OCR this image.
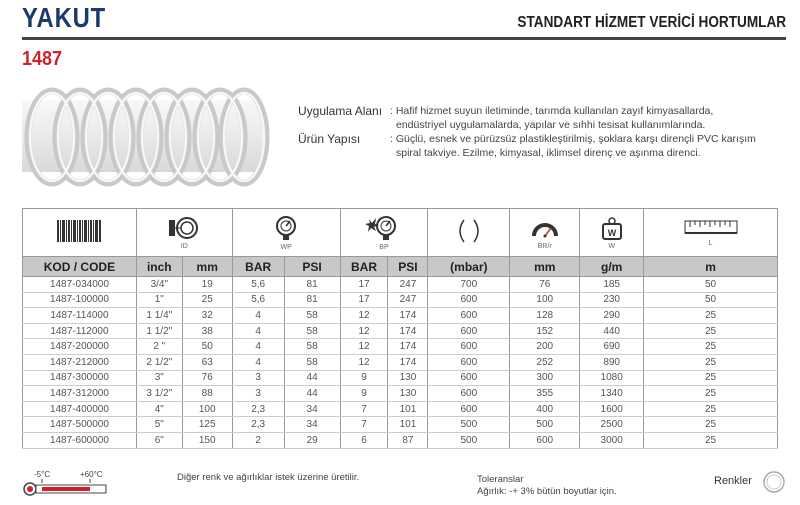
YAKUT	STANDART HİZMET VERİCİ HORTUMLAR
1487
Uygulama Alanı : Hafif hizmet suyun iletiminde, tarımda kullanılan zayıf kimyasallarda,
endüstriyel uygulamalarda, yapılar ve sıhhi tesisat kullanımlarında.
Ürün Yapısı	: Güçlü, esnek ve pürüzsüz plastikleştirilmiş, şoklara karşı dirençli PVC karışım
spiral takviye. Ezilme, kimyasal, iklimsel direnç ve aşınma direnci.

ID		WP		BP			BR/r	W
W	L

KOD / CODE	inch	mm	BAR	PSI	BAR	PSI	(mbar)	mm	g/m	m
1487-034000	3/4"	19	5,6	81	17	247	700	76	185	50
1487-100000	1"	25	5,6	81	17	247	600	100	230	50
1487-114000	1 1/4"	32	4	58	12	174	600	128	290	25
1487-112000	1 1/2"	38	4	58	12	174	600	152	440	25
1487-200000	2 "	50	4	58	12	174	600	200	690	25
1487-212000	2 1/2"	63	4	58	12	174	600	252	890	25
1487-300000	3"	76	3	44	9	130	600	300	1080	25
1487-312000	3 1/2"	88	3	44	9	130	600	355	1340	25
1487-400000	4"	100	2,3	34	7	101	600	400	1600	25
1487-500000	5"	125	2,3	34	7	101	500	500	2500	25
1487-600000	6"	150	2	29	6	87	500	600	3000	25
-5°C	+60°C	Diğer renk ve ağırlıklar istek üzerine üretilir.	Toleranslar
Ağırlık: -+ 3% bütün boyutlar için.
Renkler
